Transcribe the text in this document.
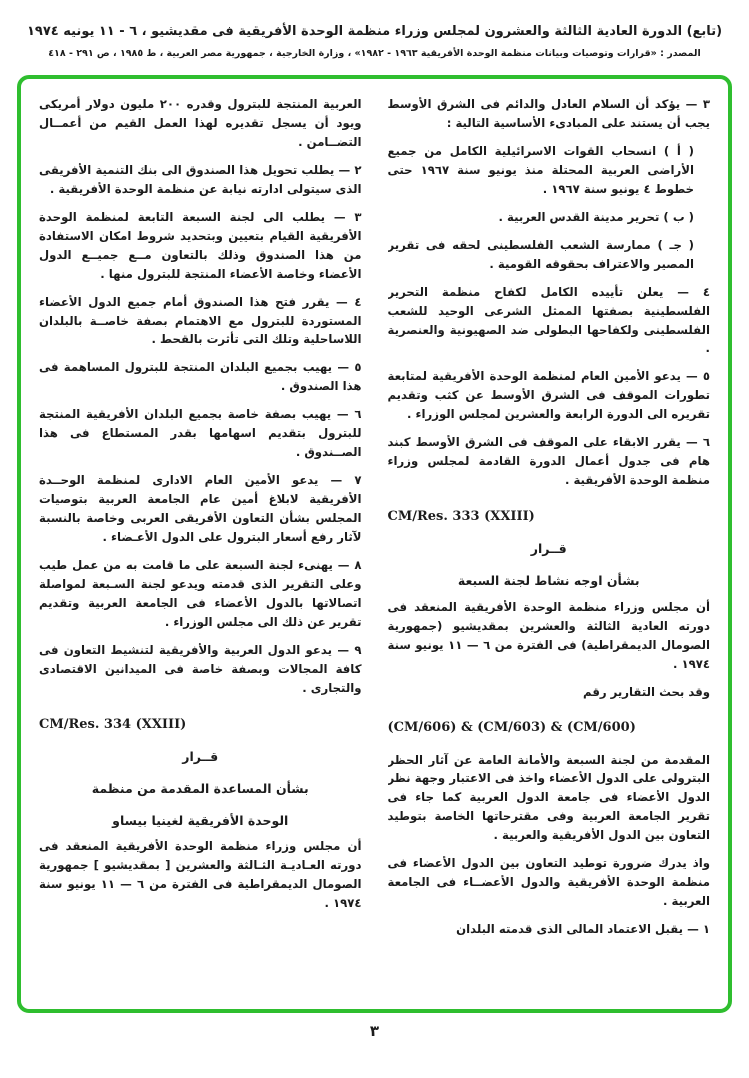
(تابع) الدورة العادية الثالثة والعشرون لمجلس وزراء منظمة الوحدة الأفريقية فى مقديشيو ، ٦ - ١١ يونيه ١٩٧٤
المصدر : «قرارات وتوصيات وبيانات منظمة الوحدة الأفريقية ١٩٦٣ - ١٩٨٢» ، وزارة الخارجية ، جمهورية مصر العربية ، ط ١٩٨٥ ، ص ٢٩١ - ٤١٨
٣ — يؤكد أن السلام العادل والدائم فى الشرق الأوسط يجب أن يستند على المبادىء الأساسية التالية :
( أ ) انسحاب القوات الاسرائيلية الكامل من جميع الأراضى العربية المحتلة منذ يونيو سنة ١٩٦٧ حتى خطوط ٤ يونيو سنة ١٩٦٧ .
( ب ) تحرير مدينة القدس العربية .
( جـ ) ممارسة الشعب الفلسطينى لحقه فى تقرير المصير والاعتراف بحقوقه القومية .
٤ — يعلن تأييده الكامل لكفاح منظمة التحرير الفلسطينية بصفتها الممثل الشرعى الوحيد للشعب الفلسطينى ولكفاحها البطولى ضد الصهيونية والعنصرية .
٥ — يدعو الأمين العام لمنظمة الوحدة الأفريقية لمتابعة تطورات الموقف فى الشرق الأوسط عن كثب وتقديم تقريره الى الدورة الرابعة والعشرين لمجلس الوزراء .
٦ — يقرر الابقاء على الموقف فى الشرق الأوسط كبند هام فى جدول أعمال الدورة القادمة لمجلس وزراء منظمة الوحدة الأفريقية .
CM/Res. 333 (XXIII)
قــرار
بشأن اوجه نشاط لجنة السبعة
أن مجلس وزراء منظمة الوحدة الأفريقية المنعقد فى دورته العادية الثالثة والعشرين بمقديشيو (جمهورية الصومال الديمقراطية) فى الفترة من ٦ — ١١ يونيو سنة ١٩٧٤ .
وقد بحث التقارير رقم
(CM/606) & (CM/603) & (CM/600)
المقدمة من لجنة السبعة والأمانة العامة عن آثار الحظر البترولى على الدول الأعضاء واخذ فى الاعتبار وجهة نظر الدول الأعضاء فى جامعة الدول العربية كما جاء فى تقرير الجامعة العربية وفى مقترحاتها الخاصة بتوطيد التعاون بين الدول الأفريقية والعربية .
واذ يدرك ضرورة توطيد التعاون بين الدول الأعضاء فى منظمة الوحدة الأفريقية والدول الأعضــاء فى الجامعة العربية .
١ — يقبل الاعتماد المالى الذى قدمته البلدان
العربية المنتجة للبترول وقدره ٢٠٠ مليون دولار أمريكى ويود أن يسجل تقديره لهذا العمل القيم من أعمــال التضــامن .
٢ — يطلب تحويل هذا الصندوق الى بنك التنمية الأفريقى الذى سيتولى ادارته نيابة عن منظمة الوحدة الأفريقية .
٣ — يطلب الى لجنة السبعة التابعة لمنظمة الوحدة الأفريقية القيام بتعيين وبتحديد شروط امكان الاستفادة من هذا الصندوق وذلك بالتعاون مــع جميــع الدول الأعضاء وخاصة الأعضاء المنتجة للبترول منها .
٤ — يقرر فتح هذا الصندوق أمام جميع الدول الأعضاء المستوردة للبترول مع الاهتمام بصفة خاصــة بالبلدان اللاساحلية وتلك التى تأثرت بالقحط .
٥ — يهيب بجميع البلدان المنتجة للبترول المساهمة فى هذا الصندوق .
٦ — يهيب بصفة خاصة بجميع البلدان الأفريقية المنتجة للبترول بتقديم اسهامها بقدر المستطاع فى هذا الصــندوق .
٧ — يدعو الأمين العام الادارى لمنظمة الوحــدة الأفريقية لابلاغ أمين عام الجامعة العربية بتوصيات المجلس بشأن التعاون الأفريقى العربى وخاصة بالنسبة لآثار رفع أسعار البترول على الدول الأعـضاء .
٨ — يهنىء لجنة السبعة على ما قامت به من عمل طيب وعلى التقرير الذى قدمته ويدعو لجنة السـبعة لمواصلة اتصالاتها بالدول الأعضاء فى الجامعة العربية وتقديم تقرير عن ذلك الى مجلس الوزراء .
٩ — يدعو الدول العربية والأفريقية لتنشيط التعاون فى كافة المجالات وبصفة خاصة فى الميدانين الاقتصادى والتجارى .
CM/Res. 334 (XXIII)
قــرار
بشأن المساعدة المقدمة من منظمة
الوحدة الأفريقية لغينيا بيساو
أن مجلس وزراء منظمة الوحدة الأفريقية المنعقد فى دورته العـاديـة الثـالثة والعشرين [ بمقديشيو ] جمهورية الصومال الديمقراطية فى الفترة من ٦ — ١١ يونيو سنة ١٩٧٤ .
٣
